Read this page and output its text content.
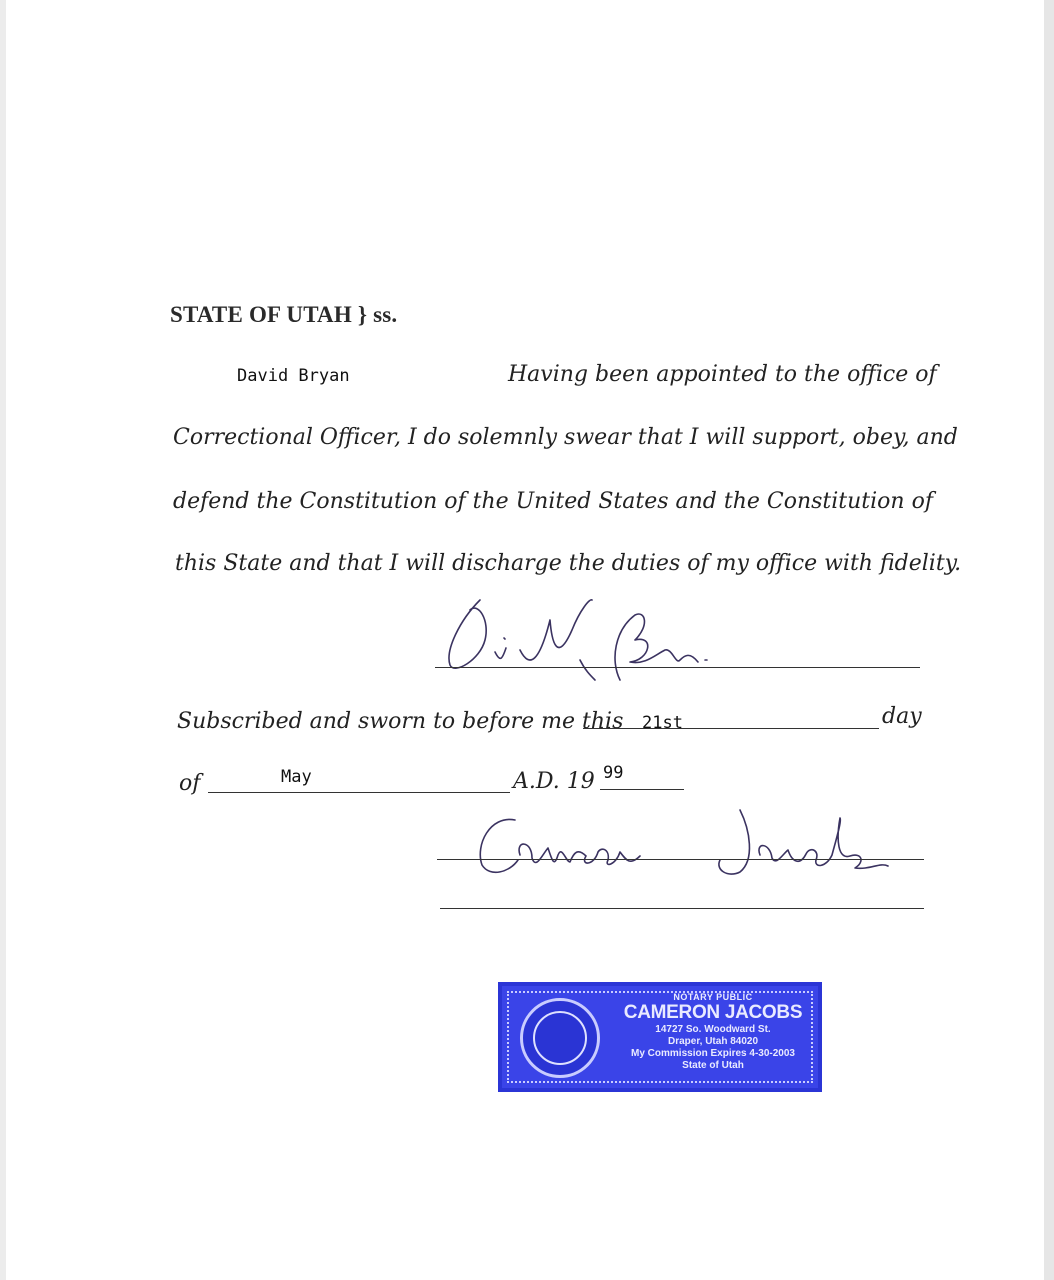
STATE OF UTAH } ss.
David Bryan	Having been appointed to the office of
Correctional Officer, I do solemnly swear that I will support, obey, and
defend the Constitution of the United States and the Constitution of
this State and that I will discharge the duties of my office with fidelity.
Subscribed and sworn to before me this 21st	day
of	May	A.D. 19 99
NOTARY PUBLIC
CAMERON JACOBS
14727 So. Woodward St.
Draper, Utah 84020
My Commission Expires 4-30-2003
State of Utah
